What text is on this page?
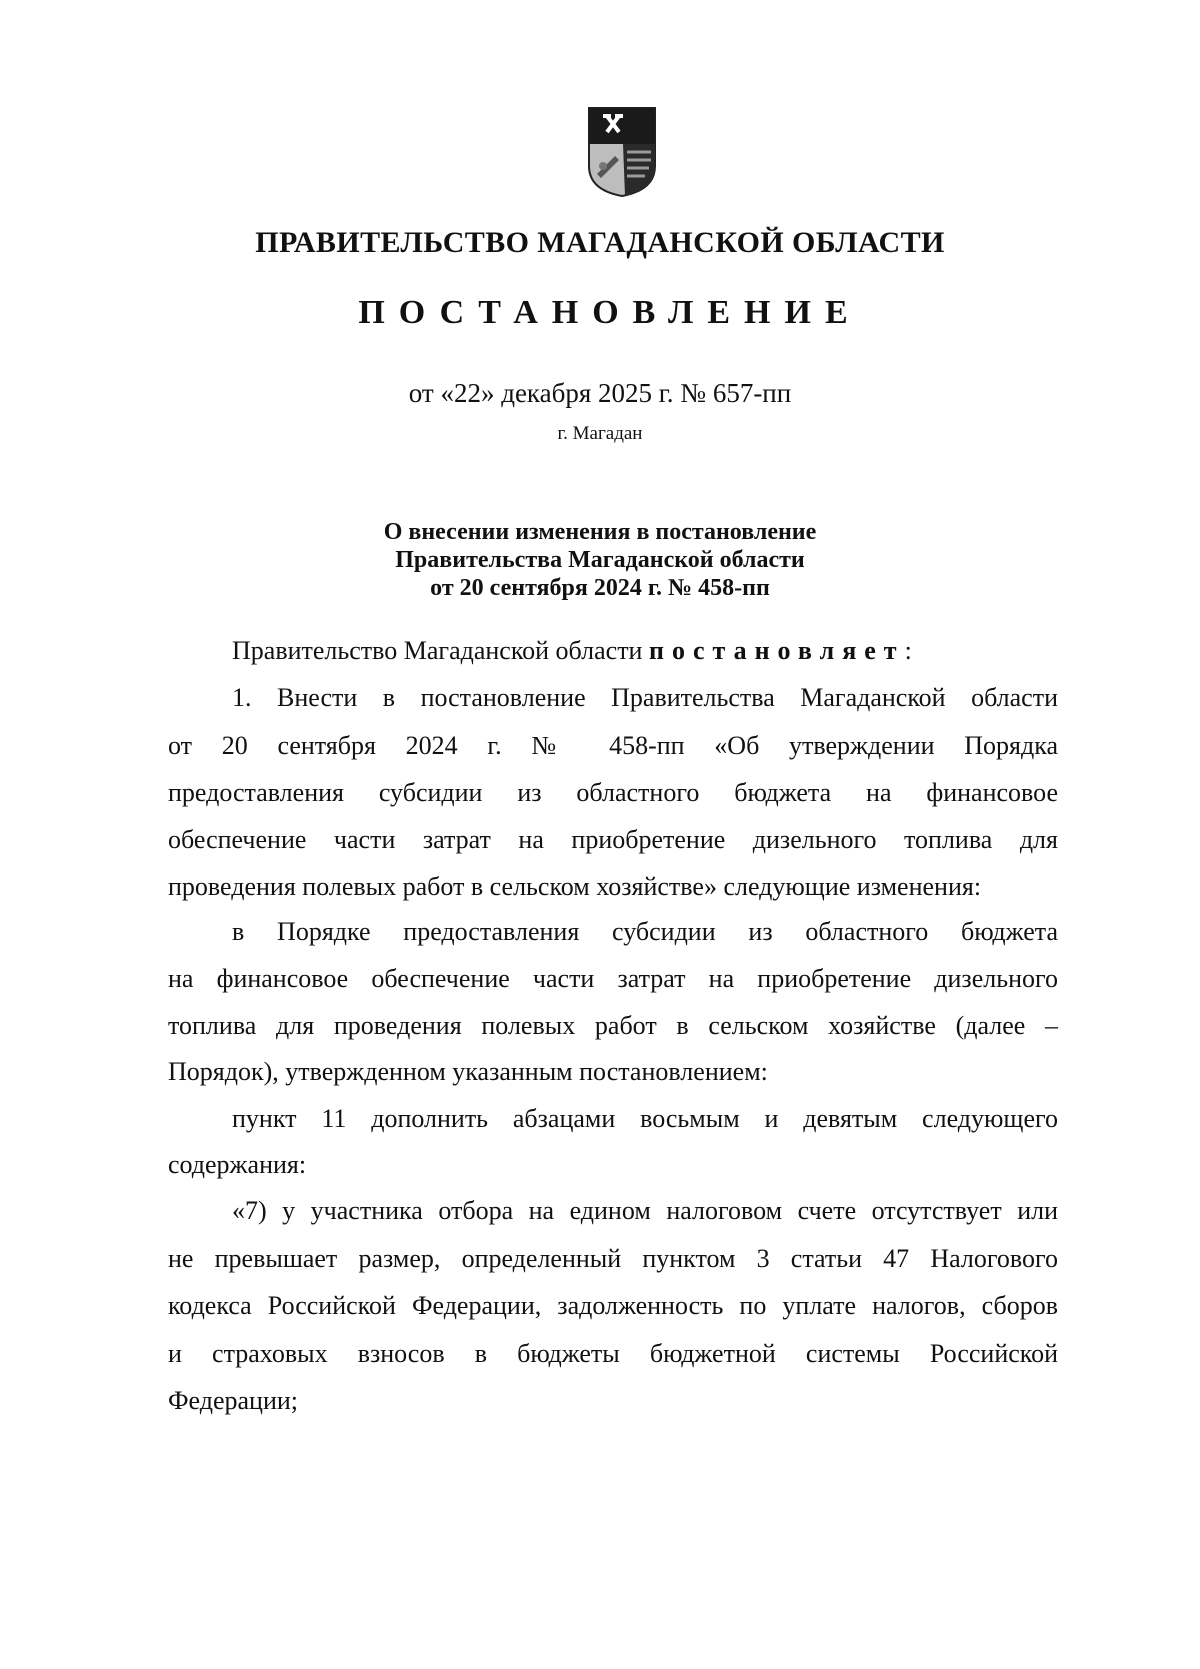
ПРАВИТЕЛЬСТВО МАГАДАНСКОЙ ОБЛАСТИ
ПОСТАНОВЛЕНИЕ
от «22» декабря 2025 г. № 657-пп
г. Магадан
О внесении изменения в постановление
Правительства Магаданской области
от 20 сентября 2024 г. № 458-пп
Правительство Магаданской области постановляет:
1. Внести в постановление Правительства Магаданской области
от 20 сентября 2024 г. № 458-пп «Об утверждении Порядка
предоставления субсидии из областного бюджета на финансовое
обеспечение части затрат на приобретение дизельного топлива для
проведения полевых работ в сельском хозяйстве» следующие изменения:
в Порядке предоставления субсидии из областного бюджета
на финансовое обеспечение части затрат на приобретение дизельного
топлива для проведения полевых работ в сельском хозяйстве (далее –
Порядок), утвержденном указанным постановлением:
пункт 11 дополнить абзацами восьмым и девятым следующего
содержания:
«7) у участника отбора на едином налоговом счете отсутствует или
не превышает размер, определенный пунктом 3 статьи 47 Налогового
кодекса Российской Федерации, задолженность по уплате налогов, сборов
и страховых взносов в бюджеты бюджетной системы Российской
Федерации;
